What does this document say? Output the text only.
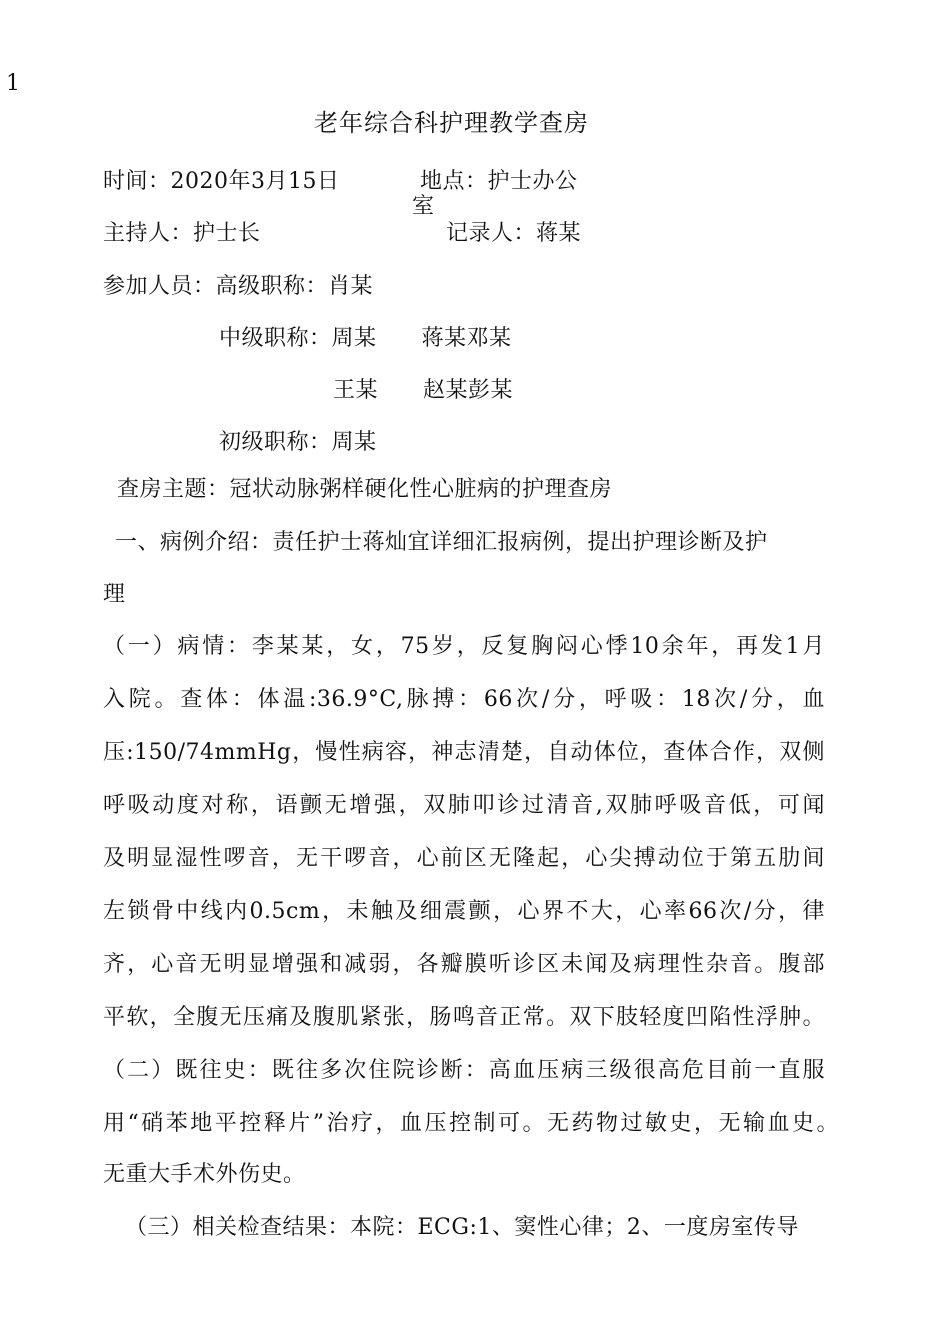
1
老年综合科护理教学查房
时间：2020年3月15日	地点：护士办公
室
主持人：护士长	记录人：蒋某
参加人员：高级职称：肖某
中级职称：周某　　蒋某邓某
王某　　赵某彭某
初级职称：周某
查房主题：冠状动脉粥样硬化性心脏病的护理查房
一、病例介绍：责任护士蒋灿宜详细汇报病例，提出护理诊断及护
理
（一）病情：李某某，女，75岁，反复胸闷心悸10余年，再发1月
入院。查体：体温:36.9°C,脉搏：66次/分，呼吸：18次/分，血
压:150/74mmHg，慢性病容，神志清楚，自动体位，查体合作，双侧
呼吸动度对称，语颤无增强，双肺叩诊过清音,双肺呼吸音低，可闻
及明显湿性啰音，无干啰音，心前区无隆起，心尖搏动位于第五肋间
左锁骨中线内0.5cm，未触及细震颤，心界不大，心率66次/分，律
齐，心音无明显增强和减弱，各瓣膜听诊区未闻及病理性杂音。腹部
平软，全腹无压痛及腹肌紧张，肠鸣音正常。双下肢轻度凹陷性浮肿。
（二）既往史：既往多次住院诊断：高血压病三级很高危目前一直服
用“硝苯地平控释片”治疗，血压控制可。无药物过敏史，无输血史。
无重大手术外伤史。
（三）相关检查结果：本院：ECG:1、窦性心律；2、一度房室传导
